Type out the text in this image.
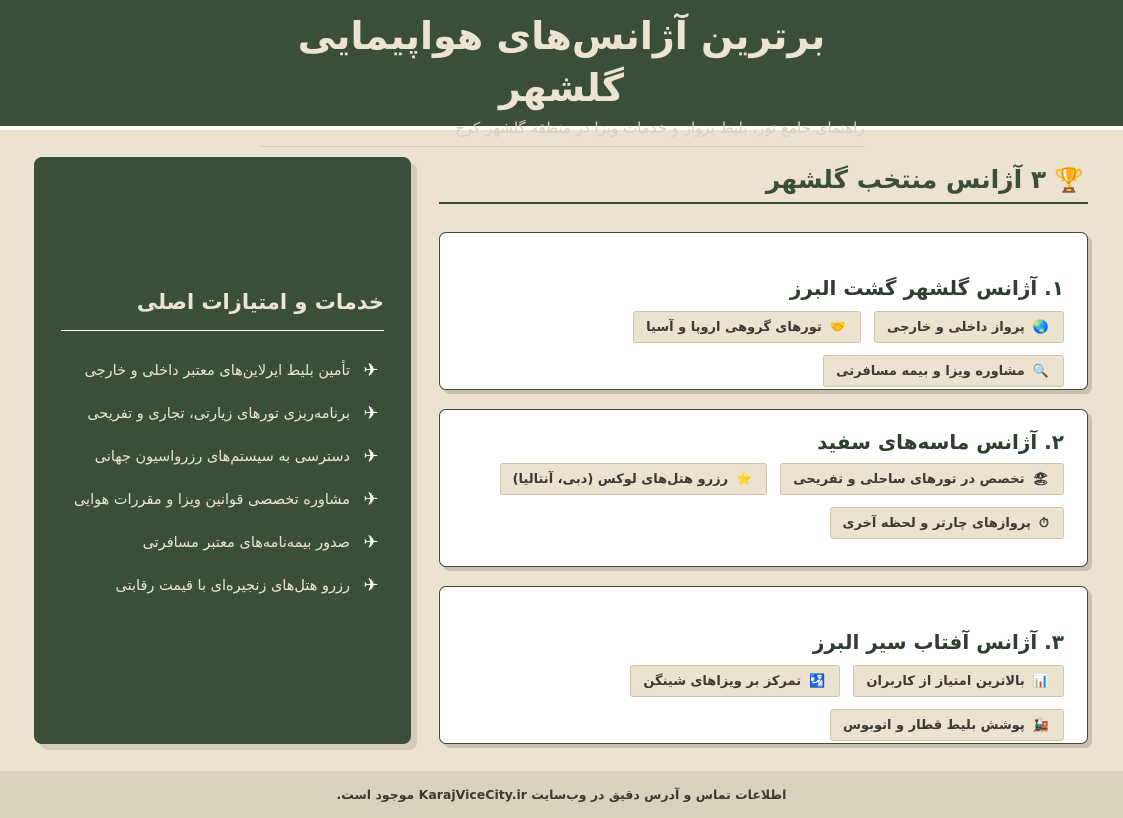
برترین آژانس‌های هواپیمایی گلشهر

راهنمای جامع تور، بلیط پرواز و خدمات ویزا در منطقه گلشهر کرج

🏆
۳ آژانس منتخب گلشهر
۱. آژانس گلشهر گشت البرز
🌏
پرواز داخلی و خارجی
🤝
تورهای گروهی اروپا و آسیا
🔍
مشاوره ویزا و بیمه مسافرتی
۲. آژانس ماسه‌های سفید
🏖
تخصص در تورهای ساحلی و تفریحی
⭐
رزرو هتل‌های لوکس (دبی، آنتالیا)
⏱
پروازهای چارتر و لحظه آخری
۳. آژانس آفتاب سیر البرز
📊
بالاترین امتیاز از کاربران
🛂
تمرکز بر ویزاهای شینگن
🚂
پوشش بلیط قطار و اتوبوس
خدمات و امتیازات اصلی
✈
تأمین بلیط ایرلاین‌های معتبر داخلی و خارجی
✈
برنامه‌ریزی تورهای زیارتی، تجاری و تفریحی
✈
دسترسی به سیستم‌های رزرواسیون جهانی
✈
مشاوره تخصصی قوانین ویزا و مقررات هوایی
✈
صدور بیمه‌نامه‌های معتبر مسافرتی
✈
رزرو هتل‌های زنجیره‌ای با قیمت رقابتی
اطلاعات تماس و آدرس دقیق در وب‌سایت KarajViceCity.ir موجود است.
